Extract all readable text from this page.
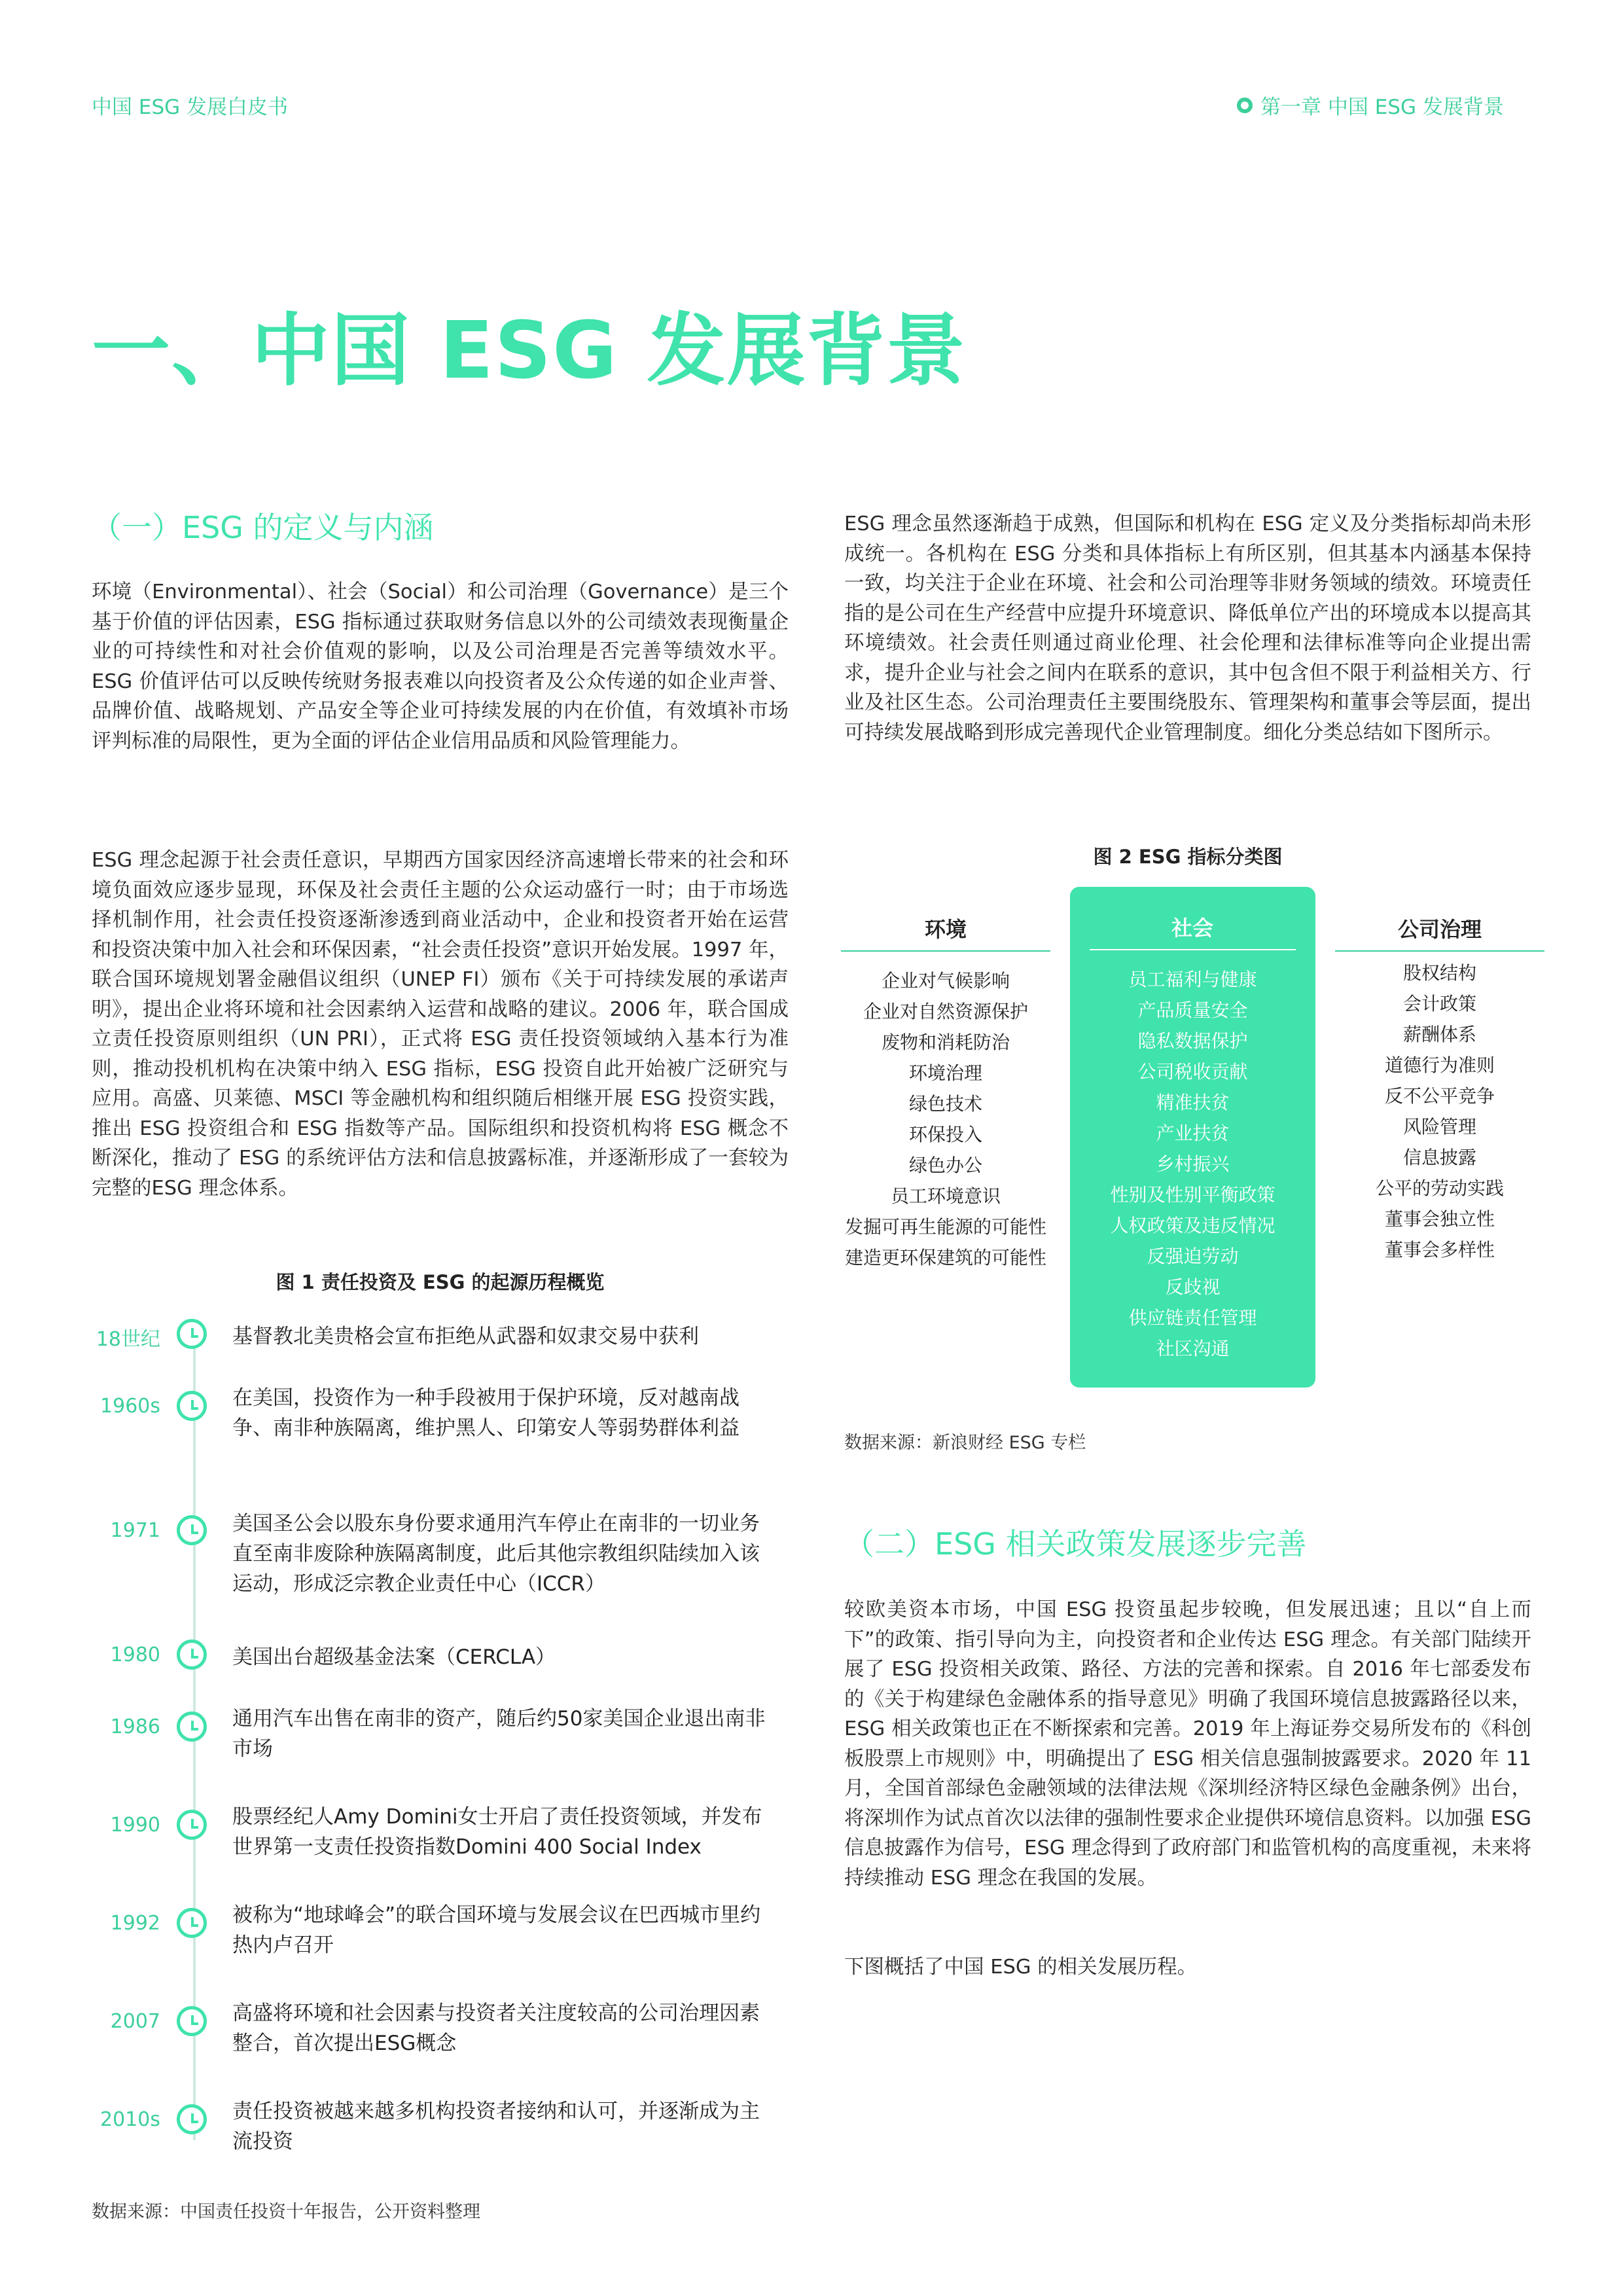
中国 ESG 发展白皮书	第一章 中国 ESG 发展背景
一、中国 ESG 发展背景
（一）ESG 的定义与内涵

环境（Environmental）、社会（Social）和公司治理（Governance）是三个基于价值的评估因素，ESG 指标通过获取财务信息以外的公司绩效表现衡量企业的可持续性和对社会价值观的影响，以及公司治理是否完善等绩效水平。ESG 价值评估可以反映传统财务报表难以向投资者及公众传递的如企业声誉、品牌价值、战略规划、产品安全等企业可持续发展的内在价值，有效填补市场评判标准的局限性，更为全面的评估企业信用品质和风险管理能力。

ESG 理念起源于社会责任意识，早期西方国家因经济高速增长带来的社会和环境负面效应逐步显现，环保及社会责任主题的公众运动盛行一时；由于市场选择机制作用，社会责任投资逐渐渗透到商业活动中，企业和投资者开始在运营和投资决策中加入社会和环保因素，“社会责任投资”意识开始发展。1997 年，联合国环境规划署金融倡议组织（UNEP FI）颁布《关于可持续发展的承诺声明》，提出企业将环境和社会因素纳入运营和战略的建议。2006 年，联合国成立责任投资原则组织（UN PRI），正式将 ESG 责任投资领域纳入基本行为准则，推动投机机构在决策中纳入 ESG 指标，ESG 投资自此开始被广泛研究与应用。高盛、贝莱德、MSCI 等金融机构和组织随后相继开展 ESG 投资实践，推出 ESG 投资组合和 ESG 指数等产品。国际组织和投资机构将 ESG 概念不断深化，推动了 ESG 的系统评估方法和信息披露标准，并逐渐形成了一套较为完整的ESG 理念体系。

图 1 责任投资及 ESG 的起源历程概览
18世纪	基督教北美贵格会宣布拒绝从武器和奴隶交易中获利
1960s	在美国，投资作为一种手段被用于保护环境，反对越南战争、南非种族隔离，维护黑人、印第安人等弱势群体利益
1971	美国圣公会以股东身份要求通用汽车停止在南非的一切业务直至南非废除种族隔离制度，此后其他宗教组织陆续加入该运动，形成泛宗教企业责任中心（ICCR）
1980	美国出台超级基金法案（CERCLA）
1986	通用汽车出售在南非的资产，随后约50家美国企业退出南非市场
1990	股票经纪人Amy Domini女士开启了责任投资领域，并发布世界第一支责任投资指数Domini 400 Social Index
1992	被称为“地球峰会”的联合国环境与发展会议在巴西城市里约热内卢召开
2007	高盛将环境和社会因素与投资者关注度较高的公司治理因素整合，首次提出ESG概念
2010s	责任投资被越来越多机构投资者接纳和认可，并逐渐成为主流投资
数据来源：中国责任投资十年报告，公开资料整理

ESG 理念虽然逐渐趋于成熟，但国际和机构在 ESG 定义及分类指标却尚未形成统一。各机构在 ESG 分类和具体指标上有所区别，但其基本内涵基本保持一致，均关注于企业在环境、社会和公司治理等非财务领域的绩效。环境责任指的是公司在生产经营中应提升环境意识、降低单位产出的环境成本以提高其环境绩效。社会责任则通过商业伦理、社会伦理和法律标准等向企业提出需求，提升企业与社会之间内在联系的意识，其中包含但不限于利益相关方、行业及社区生态。公司治理责任主要围绕股东、管理架构和董事会等层面，提出可持续发展战略到形成完善现代企业管理制度。细化分类总结如下图所示。

图 2 ESG 指标分类图
环境
企业对气候影响
企业对自然资源保护
废物和消耗防治
环境治理
绿色技术
环保投入
绿色办公
员工环境意识
发掘可再生能源的可能性
建造更环保建筑的可能性
社会
员工福利与健康
产品质量安全
隐私数据保护
公司税收贡献
精准扶贫
产业扶贫
乡村振兴
性别及性别平衡政策
人权政策及违反情况
反强迫劳动
反歧视
供应链责任管理
社区沟通
公司治理
股权结构
会计政策
薪酬体系
道德行为准则
反不公平竞争
风险管理
信息披露
公平的劳动实践
董事会独立性
董事会多样性
数据来源：新浪财经 ESG 专栏
（二）ESG 相关政策发展逐步完善

较欧美资本市场，中国 ESG 投资虽起步较晚，但发展迅速；且以“自上而下”的政策、指引导向为主，向投资者和企业传达 ESG 理念。有关部门陆续开展了 ESG 投资相关政策、路径、方法的完善和探索。自 2016 年七部委发布的《关于构建绿色金融体系的指导意见》明确了我国环境信息披露路径以来，ESG 相关政策也正在不断探索和完善。2019 年上海证券交易所发布的《科创板股票上市规则》中，明确提出了 ESG 相关信息强制披露要求。2020 年 11 月，全国首部绿色金融领域的法律法规《深圳经济特区绿色金融条例》出台，将深圳作为试点首次以法律的强制性要求企业提供环境信息资料。以加强 ESG 信息披露作为信号，ESG 理念得到了政府部门和监管机构的高度重视，未来将持续推动 ESG 理念在我国的发展。

下图概括了中国 ESG 的相关发展历程。
